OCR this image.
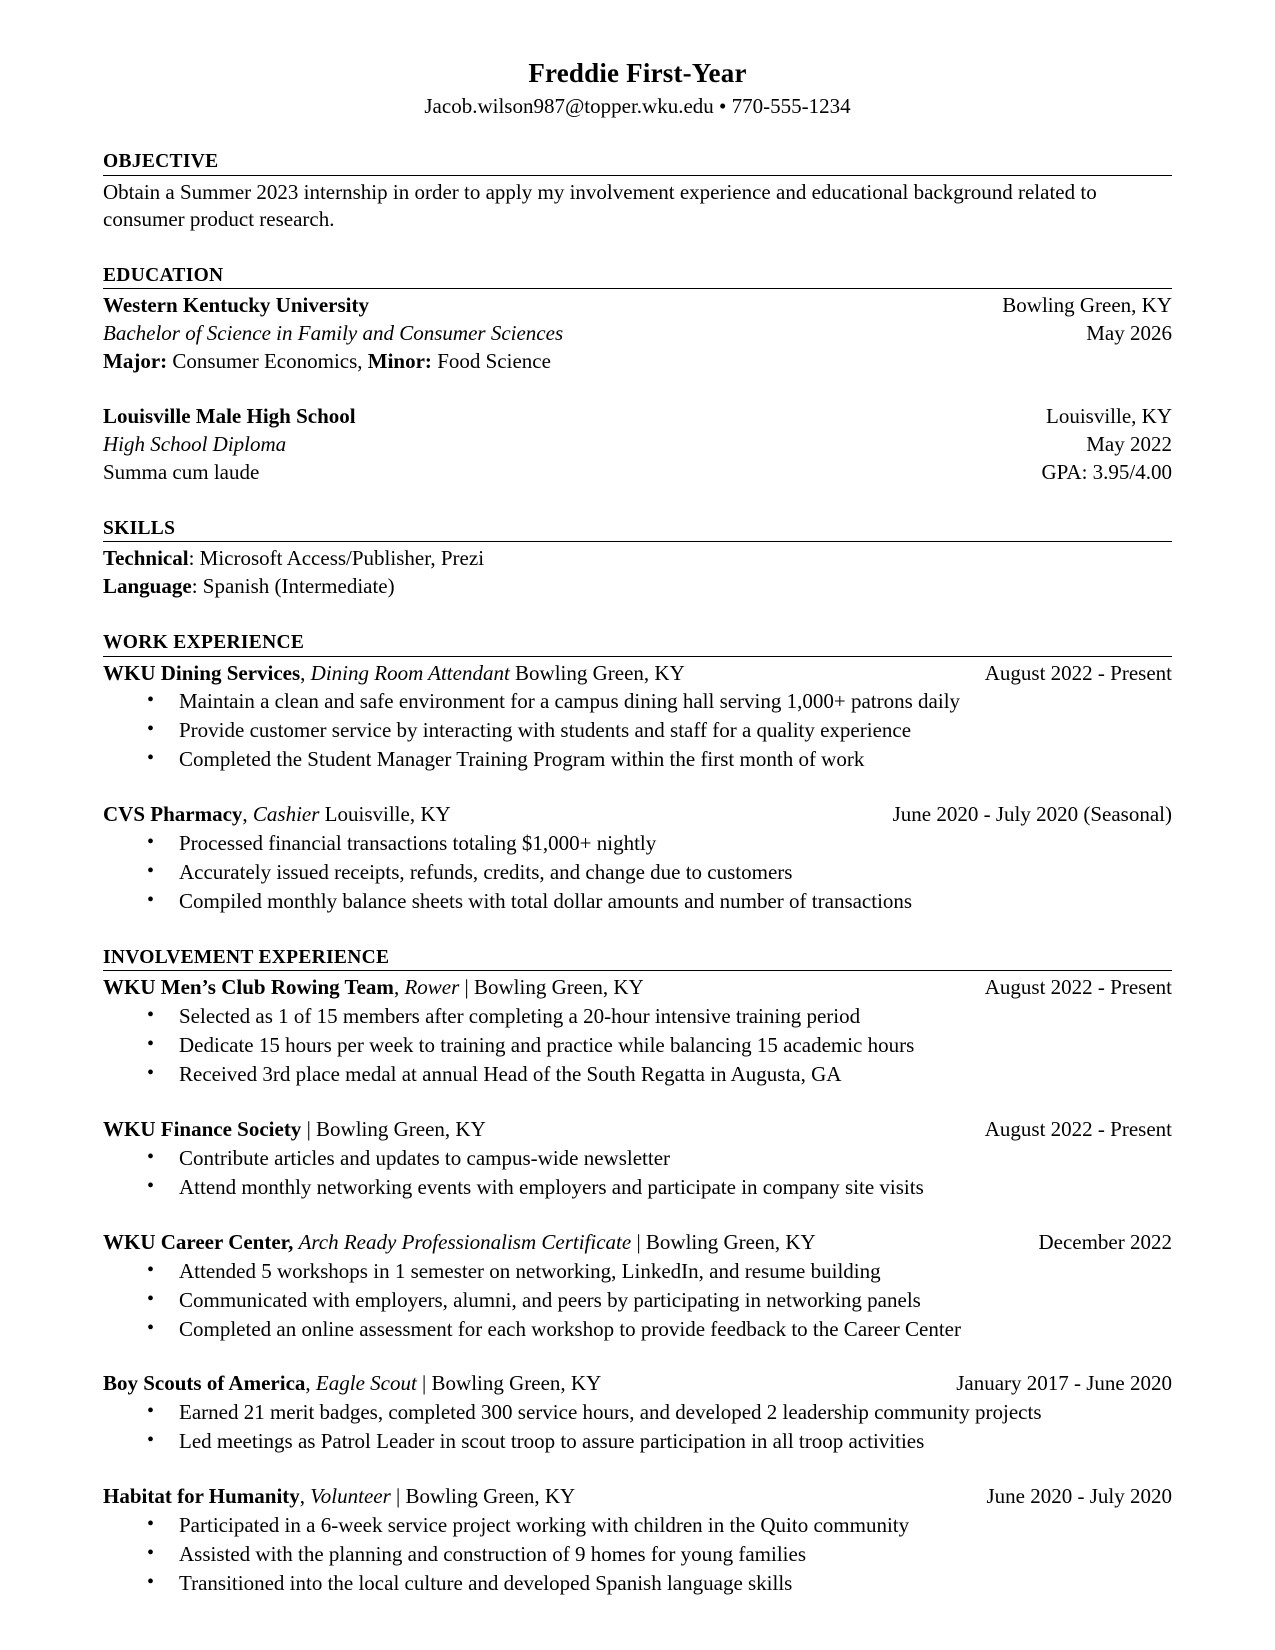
Freddie First-Year
Jacob.wilson987@topper.wku.edu • 770-555-1234
OBJECTIVE
Obtain a Summer 2023 internship in order to apply my involvement experience and educational background related to consumer product research.
EDUCATION
Western Kentucky University	Bowling Green, KY
Bachelor of Science in Family and Consumer Sciences	May 2026
Major: Consumer Economics, Minor: Food Science
Louisville Male High School	Louisville, KY
High School Diploma	May 2022
Summa cum laude	GPA: 3.95/4.00
SKILLS
Technical: Microsoft Access/Publisher, Prezi
Language: Spanish (Intermediate)
WORK EXPERIENCE
WKU Dining Services, Dining Room Attendant Bowling Green, KY	August 2022 - Present
• Maintain a clean and safe environment for a campus dining hall serving 1,000+ patrons daily
• Provide customer service by interacting with students and staff for a quality experience
• Completed the Student Manager Training Program within the first month of work
CVS Pharmacy, Cashier Louisville, KY	June 2020 - July 2020 (Seasonal)
• Processed financial transactions totaling $1,000+ nightly
• Accurately issued receipts, refunds, credits, and change due to customers
• Compiled monthly balance sheets with total dollar amounts and number of transactions
INVOLVEMENT EXPERIENCE
WKU Men’s Club Rowing Team, Rower | Bowling Green, KY	August 2022 - Present
• Selected as 1 of 15 members after completing a 20-hour intensive training period
• Dedicate 15 hours per week to training and practice while balancing 15 academic hours
• Received 3rd place medal at annual Head of the South Regatta in Augusta, GA
WKU Finance Society | Bowling Green, KY	August 2022 - Present
• Contribute articles and updates to campus-wide newsletter
• Attend monthly networking events with employers and participate in company site visits
WKU Career Center, Arch Ready Professionalism Certificate | Bowling Green, KY	December 2022
• Attended 5 workshops in 1 semester on networking, LinkedIn, and resume building
• Communicated with employers, alumni, and peers by participating in networking panels
• Completed an online assessment for each workshop to provide feedback to the Career Center
Boy Scouts of America, Eagle Scout | Bowling Green, KY	January 2017 - June 2020
• Earned 21 merit badges, completed 300 service hours, and developed 2 leadership community projects
• Led meetings as Patrol Leader in scout troop to assure participation in all troop activities
Habitat for Humanity, Volunteer | Bowling Green, KY	June 2020 - July 2020
• Participated in a 6-week service project working with children in the Quito community
• Assisted with the planning and construction of 9 homes for young families
• Transitioned into the local culture and developed Spanish language skills
